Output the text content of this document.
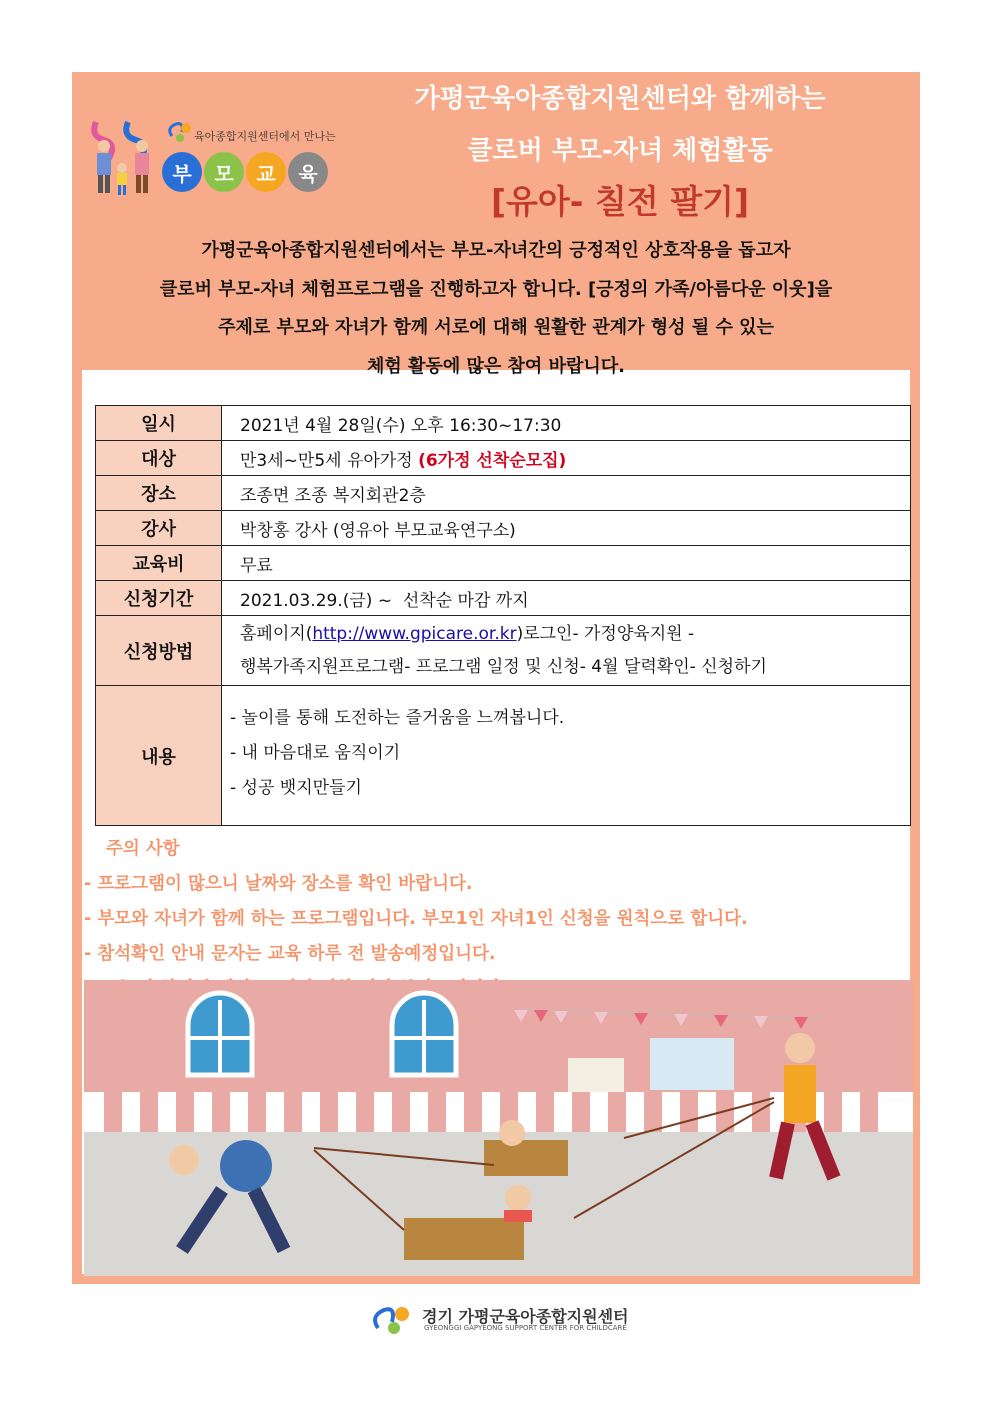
육아종합지원센터에서 만나는
부	모	교	육
가평군육아종합지원센터와 함께하는
클로버 부모-자녀 체험활동
[유아- 칠전 팔기]
가평군육아종합지원센터에서는 부모-자녀간의 긍정적인 상호작용을 돕고자
클로버 부모-자녀 체험프로그램을 진행하고자 합니다. [긍정의 가족/아름다운 이웃]을
주제로 부모와 자녀가 함께 서로에 대해 원활한 관계가 형성 될 수 있는
체험 활동에 많은 참여 바랍니다.
일시	2021년 4월 28일(수) 오후 16:30~17:30
대상	만3세~만5세 유아가정 (6가정 선착순모집)
장소	조종면 조종 복지회관2층
강사	박창홍 강사 (영유아 부모교육연구소)
교육비	무료
신청기간	2021.03.29.(금) ~  선착순 마감 까지
신청방법	홈페이지(http://www.gpicare.or.kr)로그인- 가정양육지원 -
행복가족지원프로그램- 프로그램 일정 및 신청- 4월 달력확인- 신청하기
내용	- 놀이를 통해 도전하는 즐거움을 느껴봅니다.
- 내 마음대로 움직이기
- 성공 뱃지만들기
주의 사항
- 프로그램이 많으니 날짜와 장소를 확인 바랍니다.
- 부모와 자녀가 함께 하는 프로그램입니다. 부모1인 자녀1인 신청을 원칙으로 합니다.
- 참석확인 안내 문자는 교육 하루 전 발송예정입니다.
경기 가평군육아종합지원센터
GYEONGGI GAPYEONG SUPPORT CENTER FOR CHILDCARE
